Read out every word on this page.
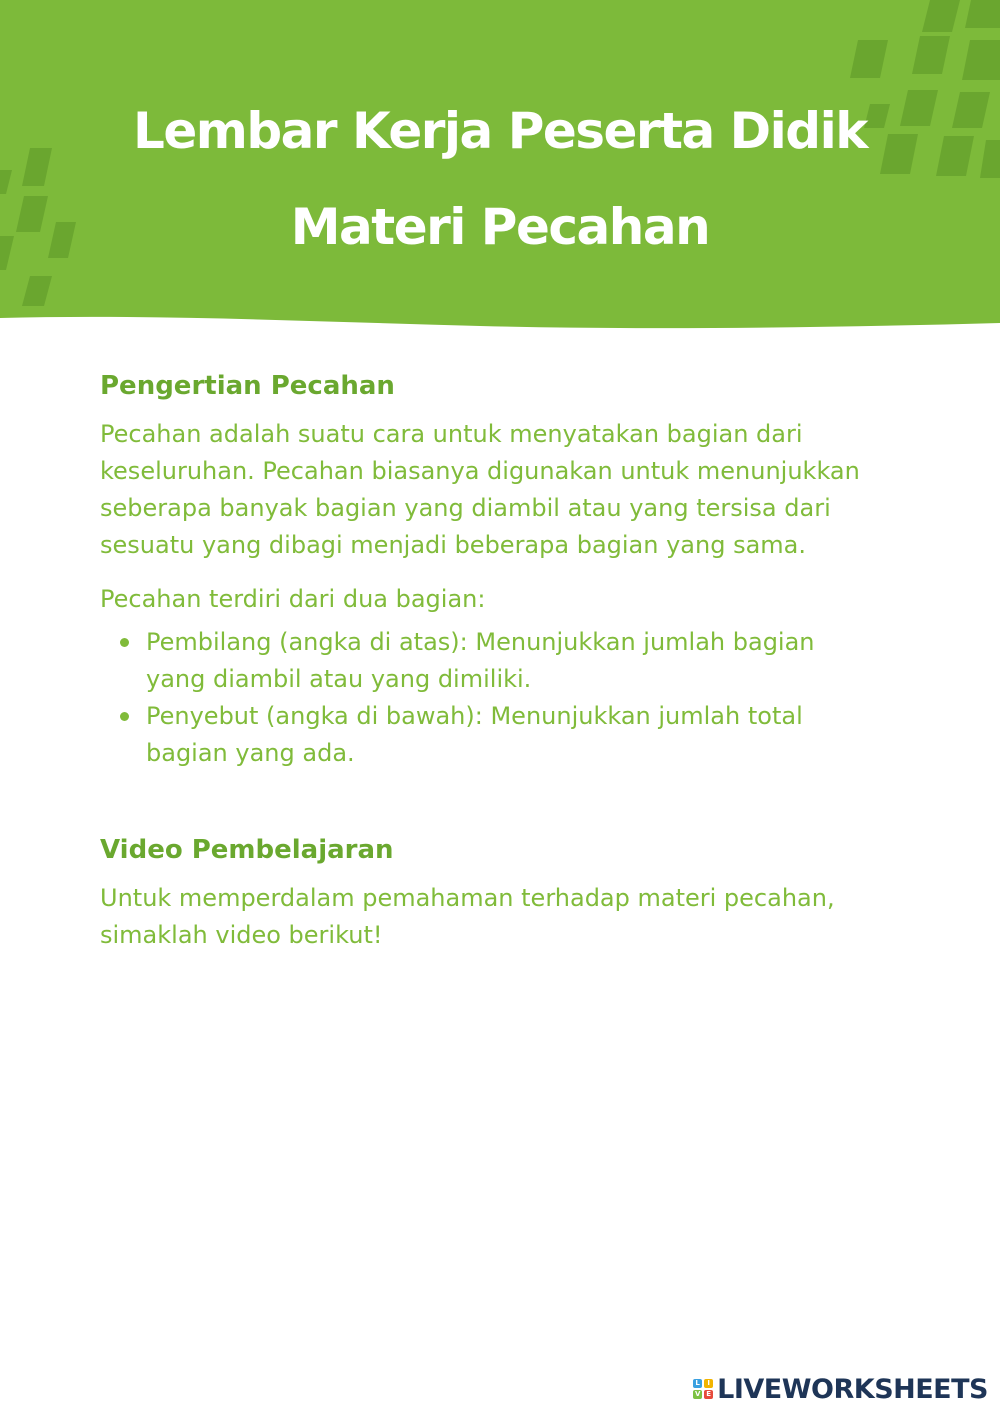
Lembar Kerja Peserta Didik
Materi Pecahan
Pengertian Pecahan

Pecahan adalah suatu cara untuk menyatakan bagian dari

keseluruhan. Pecahan biasanya digunakan untuk menunjukkan

seberapa banyak bagian yang diambil atau yang tersisa dari

sesuatu yang dibagi menjadi beberapa bagian yang sama.

Pecahan terdiri dari dua bagian:

Pembilang (angka di atas): Menunjukkan jumlah bagian
yang diambil atau yang dimiliki.
Penyebut (angka di bawah): Menunjukkan jumlah total
bagian yang ada.
Video Pembelajaran

Untuk memperdalam pemahaman terhadap materi pecahan,

simaklah video berikut!

L	I
V E LIVEWORKSHEETS
